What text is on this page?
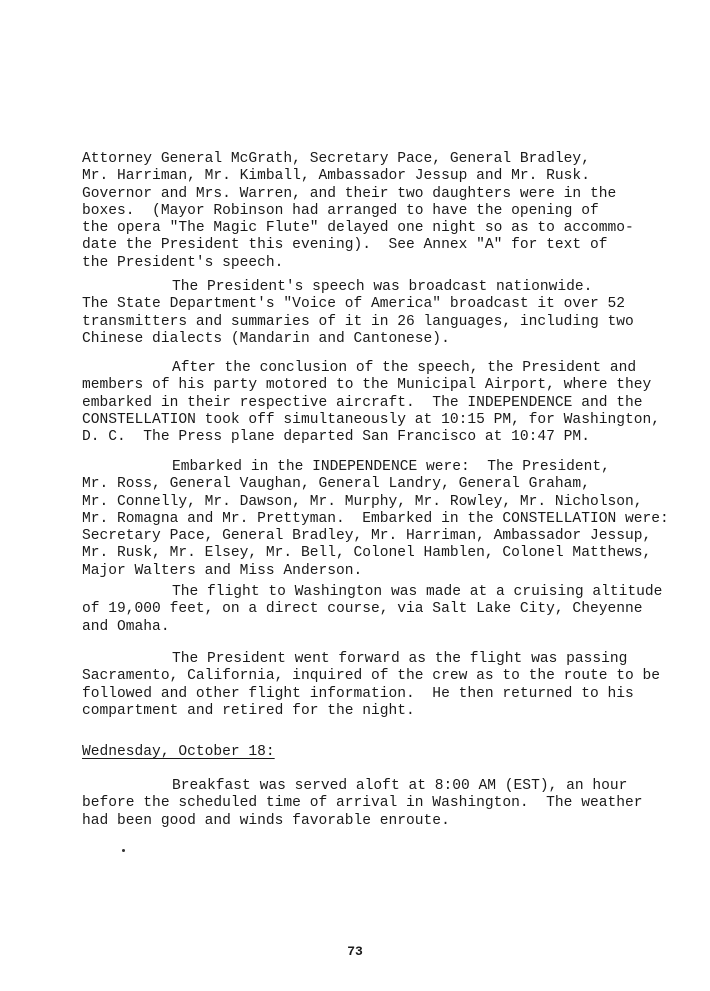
Attorney General McGrath, Secretary Pace, General Bradley,
Mr. Harriman, Mr. Kimball, Ambassador Jessup and Mr. Rusk.
Governor and Mrs. Warren, and their two daughters were in the
boxes.  (Mayor Robinson had arranged to have the opening of
the opera "The Magic Flute" delayed one night so as to accommo-
date the President this evening).  See Annex "A" for text of
the President's speech.
The President's speech was broadcast nationwide.
The State Department's "Voice of America" broadcast it over 52
transmitters and summaries of it in 26 languages, including two
Chinese dialects (Mandarin and Cantonese).
After the conclusion of the speech, the President and
members of his party motored to the Municipal Airport, where they
embarked in their respective aircraft.  The INDEPENDENCE and the
CONSTELLATION took off simultaneously at 10:15 PM, for Washington,
D. C.  The Press plane departed San Francisco at 10:47 PM.
Embarked in the INDEPENDENCE were:  The President,
Mr. Ross, General Vaughan, General Landry, General Graham,
Mr. Connelly, Mr. Dawson, Mr. Murphy, Mr. Rowley, Mr. Nicholson,
Mr. Romagna and Mr. Prettyman.  Embarked in the CONSTELLATION were:
Secretary Pace, General Bradley, Mr. Harriman, Ambassador Jessup,
Mr. Rusk, Mr. Elsey, Mr. Bell, Colonel Hamblen, Colonel Matthews,
Major Walters and Miss Anderson.
The flight to Washington was made at a cruising altitude
of 19,000 feet, on a direct course, via Salt Lake City, Cheyenne
and Omaha.
The President went forward as the flight was passing
Sacramento, California, inquired of the crew as to the route to be
followed and other flight information.  He then returned to his
compartment and retired for the night.
Wednesday, October 18:
Breakfast was served aloft at 8:00 AM (EST), an hour
before the scheduled time of arrival in Washington.  The weather
had been good and winds favorable enroute.
73
